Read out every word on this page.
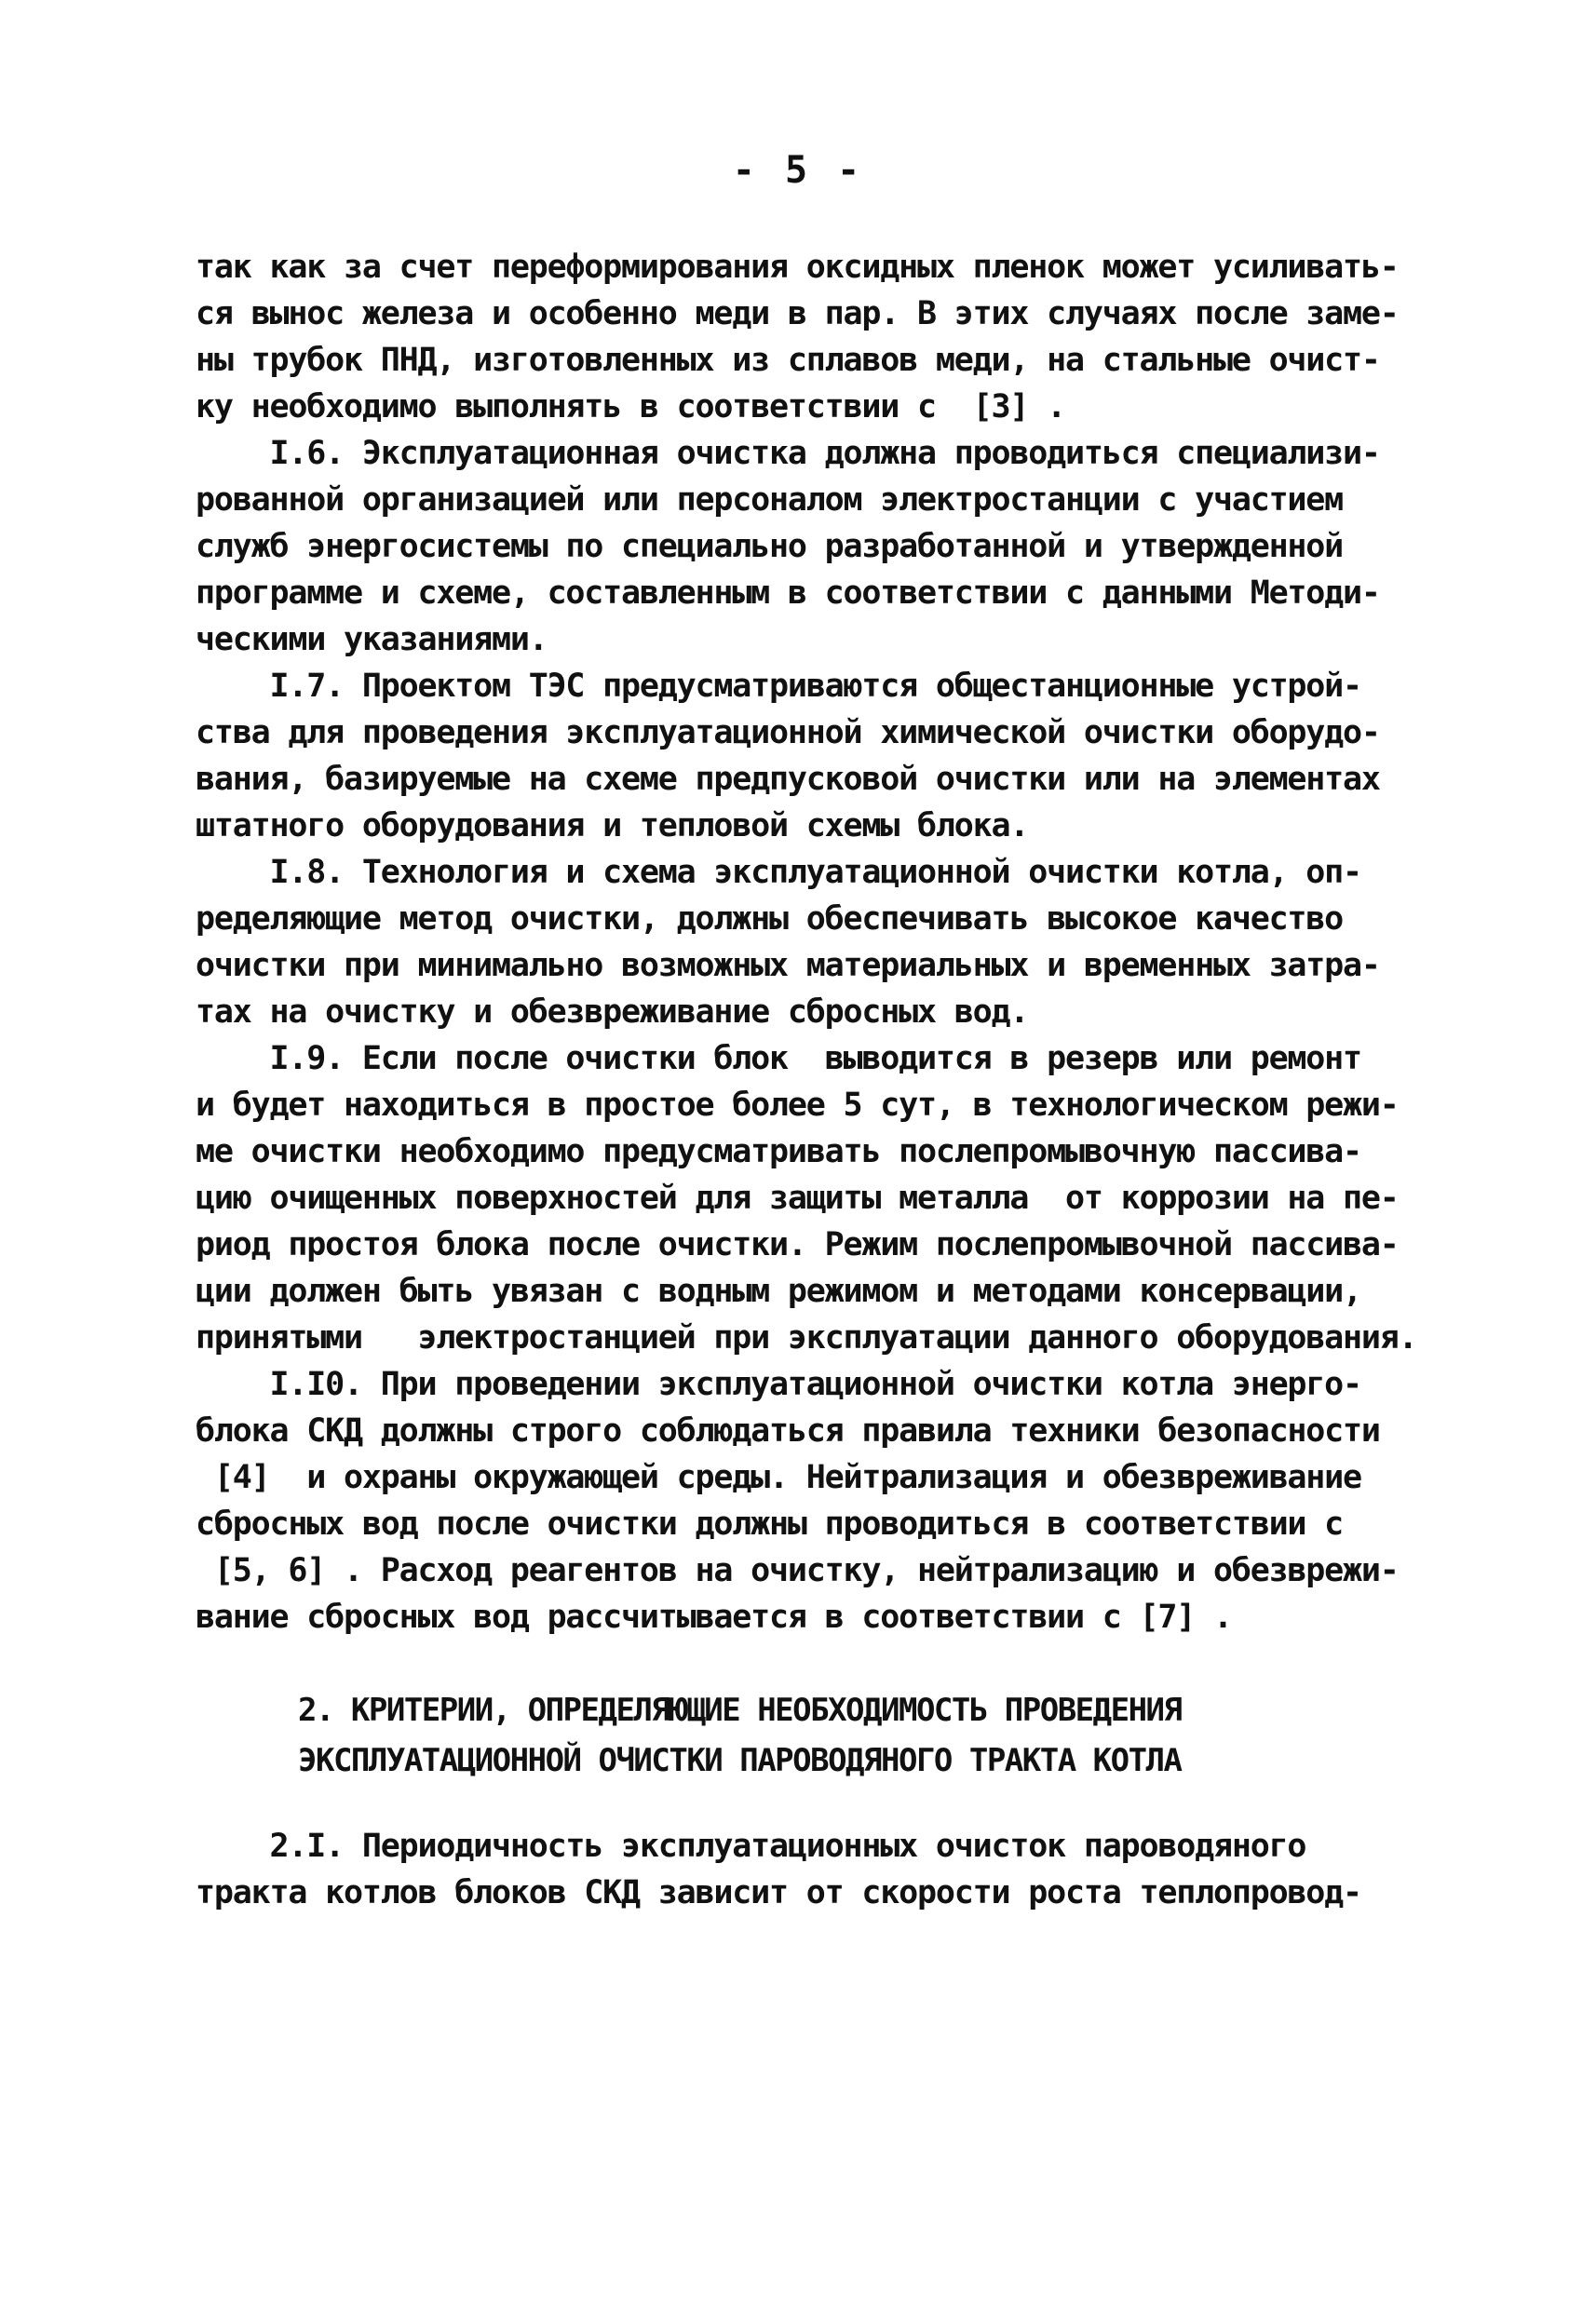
- 5 -
так как за счет переформирования оксидных пленок может усиливать-
ся вынос железа и особенно меди в пар. В этих случаях после заме-
ны трубок ПНД, изготовленных из сплавов меди, на стальные очист-
ку необходимо выполнять в соответствии с  [3] .
I.6. Эксплуатационная очистка должна проводиться специализи-
рованной организацией или персоналом электростанции с участием
служб энергосистемы по специально разработанной и утвержденной
программе и схеме, составленным в соответствии с данными Методи-
ческими указаниями.
I.7. Проектом ТЭС предусматриваются общестанционные устрой-
ства для проведения эксплуатационной химической очистки оборудо-
вания, базируемые на схеме предпусковой очистки или на элементах
штатного оборудования и тепловой схемы блока.
I.8. Технология и схема эксплуатационной очистки котла, оп-
ределяющие метод очистки, должны обеспечивать высокое качество
очистки при минимально возможных материальных и временных затра-
тах на очистку и обезвреживание сбросных вод.
I.9. Если после очистки блок  выводится в резерв или ремонт
и будет находиться в простое более 5 сут, в технологическом режи-
ме очистки необходимо предусматривать послепромывочную пассива-
цию очищенных поверхностей для защиты металла  от коррозии на пе-
риод простоя блока после очистки. Режим послепромывочной пассива-
ции должен быть увязан с водным режимом и методами консервации,
принятыми   электростанцией при эксплуатации данного оборудования.
I.I0. При проведении эксплуатационной очистки котла энерго-
блока СКД должны строго соблюдаться правила техники безопасности
[4]  и охраны окружающей среды. Нейтрализация и обезвреживание
сбросных вод после очистки должны проводиться в соответствии с
[5, 6] . Расход реагентов на очистку, нейтрализацию и обезврежи-
вание сбросных вод рассчитывается в соответствии с [7] .
2. КРИТЕРИИ, ОПРЕДЕЛЯЮЩИЕ НЕОБХОДИМОСТЬ ПРОВЕДЕНИЯ
ЭКСПЛУАТАЦИОННОЙ ОЧИСТКИ ПАРОВОДЯНОГО ТРАКТА КОТЛА
2.I. Периодичность эксплуатационных очисток пароводяного
тракта котлов блоков СКД зависит от скорости роста теплопровод-
